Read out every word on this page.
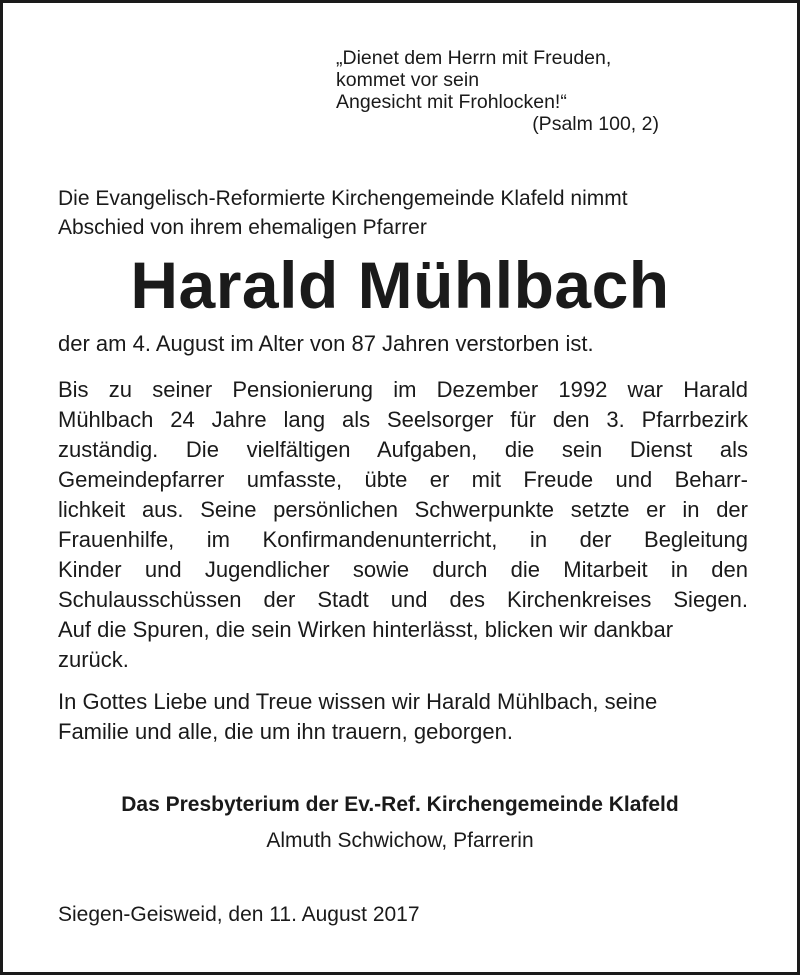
„Dienet dem Herrn mit Freuden,
kommet vor sein
Angesicht mit Frohlocken!“
(Psalm 100, 2)
Die Evangelisch-Reformierte Kirchengemeinde Klafeld nimmt
Abschied von ihrem ehemaligen Pfarrer
Harald Mühlbach
der am 4. August im Alter von 87 Jahren verstorben ist.
Bis zu seiner Pensionierung im Dezember 1992 war Harald
Mühlbach 24 Jahre lang als Seelsorger für den 3. Pfarrbezirk
zuständig. Die vielfältigen Aufgaben, die sein Dienst als
Gemeindepfarrer umfasste, übte er mit Freude und Beharr-
lichkeit aus. Seine persönlichen Schwerpunkte setzte er in der
Frauenhilfe, im Konfirmandenunterricht, in der Begleitung
Kinder und Jugendlicher sowie durch die Mitarbeit in den
Schulausschüssen der Stadt und des Kirchenkreises Siegen.
Auf die Spuren, die sein Wirken hinterlässt, blicken wir dankbar
zurück.
In Gottes Liebe und Treue wissen wir Harald Mühlbach, seine
Familie und alle, die um ihn trauern, geborgen.
Das Presbyterium der Ev.-Ref. Kirchengemeinde Klafeld
Almuth Schwichow, Pfarrerin
Siegen-Geisweid, den 11. August 2017
